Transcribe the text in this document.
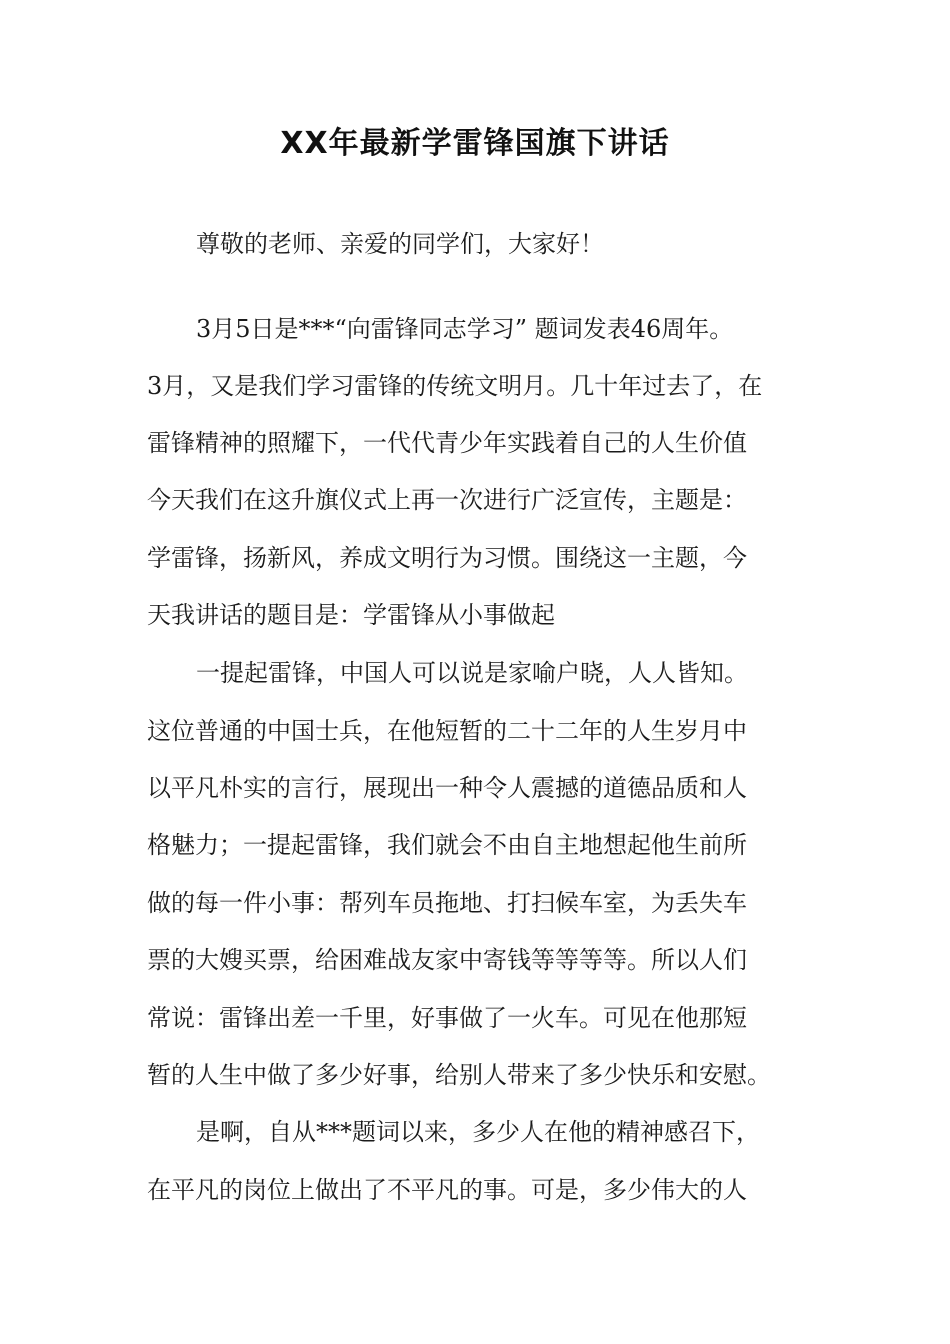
XX年最新学雷锋国旗下讲话
尊敬的老师、亲爱的同学们，大家好！
3月5日是***“向雷锋同志学习” 题词发表46周年。
3月，又是我们学习雷锋的传统文明月。几十年过去了，在
雷锋精神的照耀下，一代代青少年实践着自己的人生价值
今天我们在这升旗仪式上再一次进行广泛宣传，主题是：
学雷锋，扬新风，养成文明行为习惯。围绕这一主题，今
天我讲话的题目是：学雷锋从小事做起
一提起雷锋，中国人可以说是家喻户晓，人人皆知。
这位普通的中国士兵，在他短暂的二十二年的人生岁月中
以平凡朴实的言行，展现出一种令人震撼的道德品质和人
格魅力；一提起雷锋，我们就会不由自主地想起他生前所
做的每一件小事：帮列车员拖地、打扫候车室，为丢失车
票的大嫂买票，给困难战友家中寄钱等等等等。所以人们
常说：雷锋出差一千里，好事做了一火车。可见在他那短
暂的人生中做了多少好事，给别人带来了多少快乐和安慰。
是啊，自从***题词以来，多少人在他的精神感召下，
在平凡的岗位上做出了不平凡的事。可是，多少伟大的人
